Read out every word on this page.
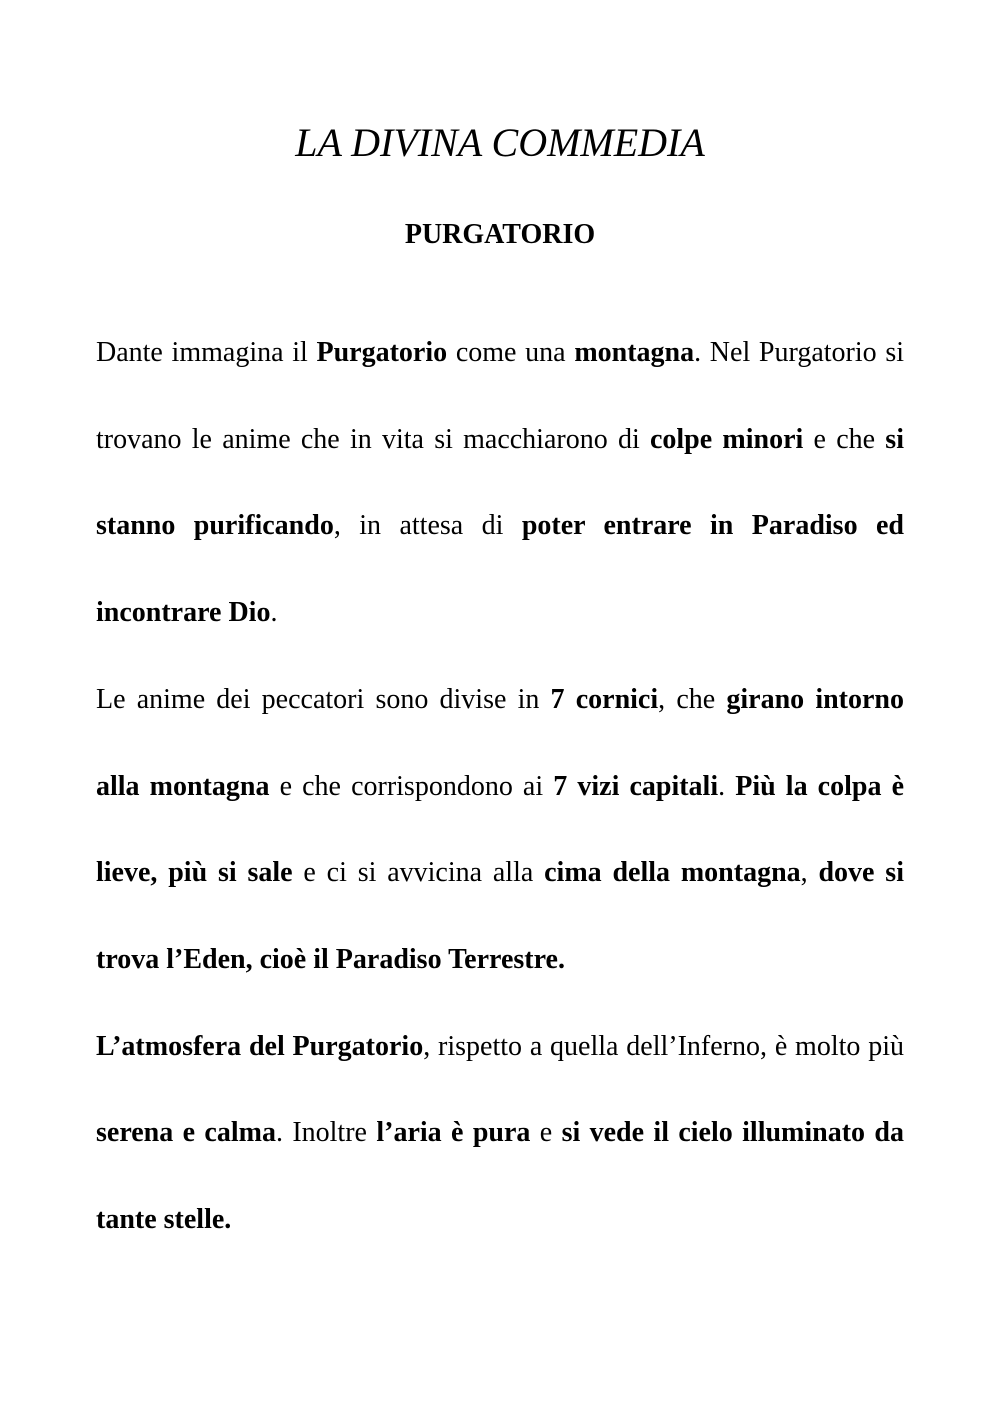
LA DIVINA COMMEDIA
PURGATORIO

Dante immagina il Purgatorio come una montagna. Nel Purgatorio si trovano le anime che in vita si macchiarono di colpe minori e che si stanno purificando, in attesa di poter entrare in Paradiso ed incontrare Dio.

Le anime dei peccatori sono divise in 7 cornici, che girano intorno alla montagna e che corrispondono ai 7 vizi capitali. Più la colpa è lieve, più si sale e ci si avvicina alla cima della montagna, dove si trova l’Eden, cioè il Paradiso Terrestre.

L’atmosfera del Purgatorio, rispetto a quella dell’Inferno, è molto più serena e calma. Inoltre l’aria è pura e si vede il cielo illuminato da tante stelle.
